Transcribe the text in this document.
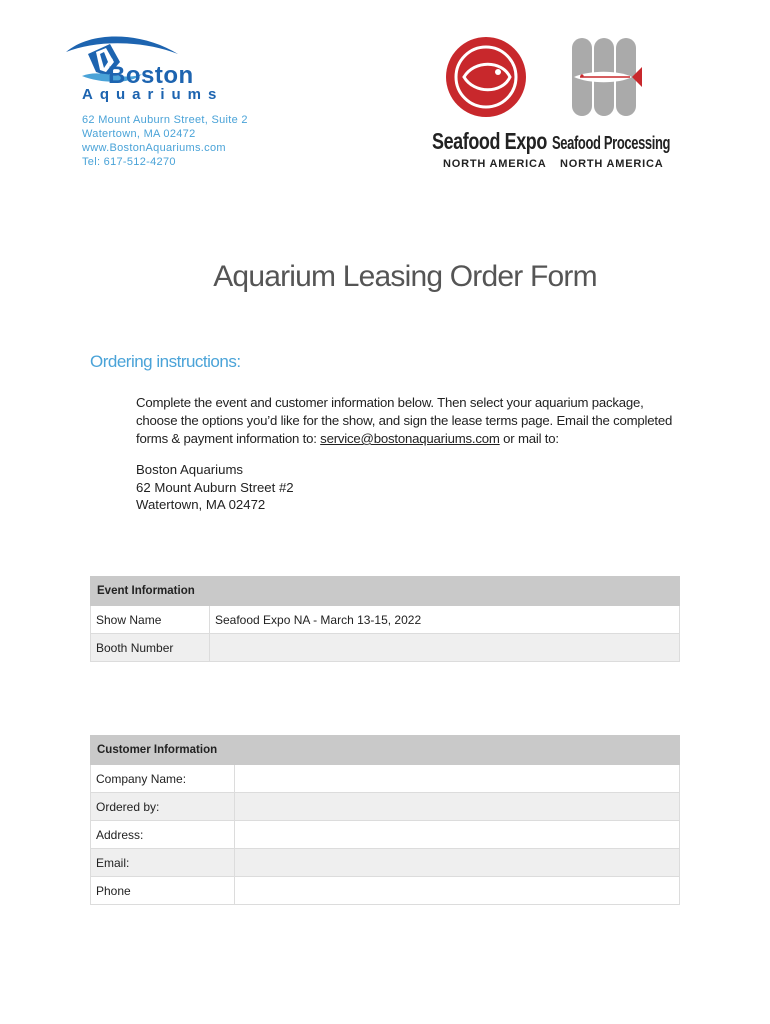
Boston
Aquariums
62 Mount Auburn Street, Suite 2
Watertown, MA 02472
www.BostonAquariums.com
Tel: 617-512-4270
Seafood Expo Seafood Processing
NORTH AMERICA NORTH AMERICA
Aquarium Leasing Order Form
Ordering instructions:

Complete the event and customer information below. Then select your aquarium package, choose the options you’d like for the show, and sign the lease terms page. Email the completed forms & payment information to: service@bostonaquariums.com or mail to:

Boston Aquariums
62 Mount Auburn Street #2
Watertown, MA 02472
Event Information	
Show Name	Seafood Expo NA - March 13-15, 2022
Booth Number	
Customer Information	
Company Name:	
Ordered by:	
Address:	
Email:	
Phone	
